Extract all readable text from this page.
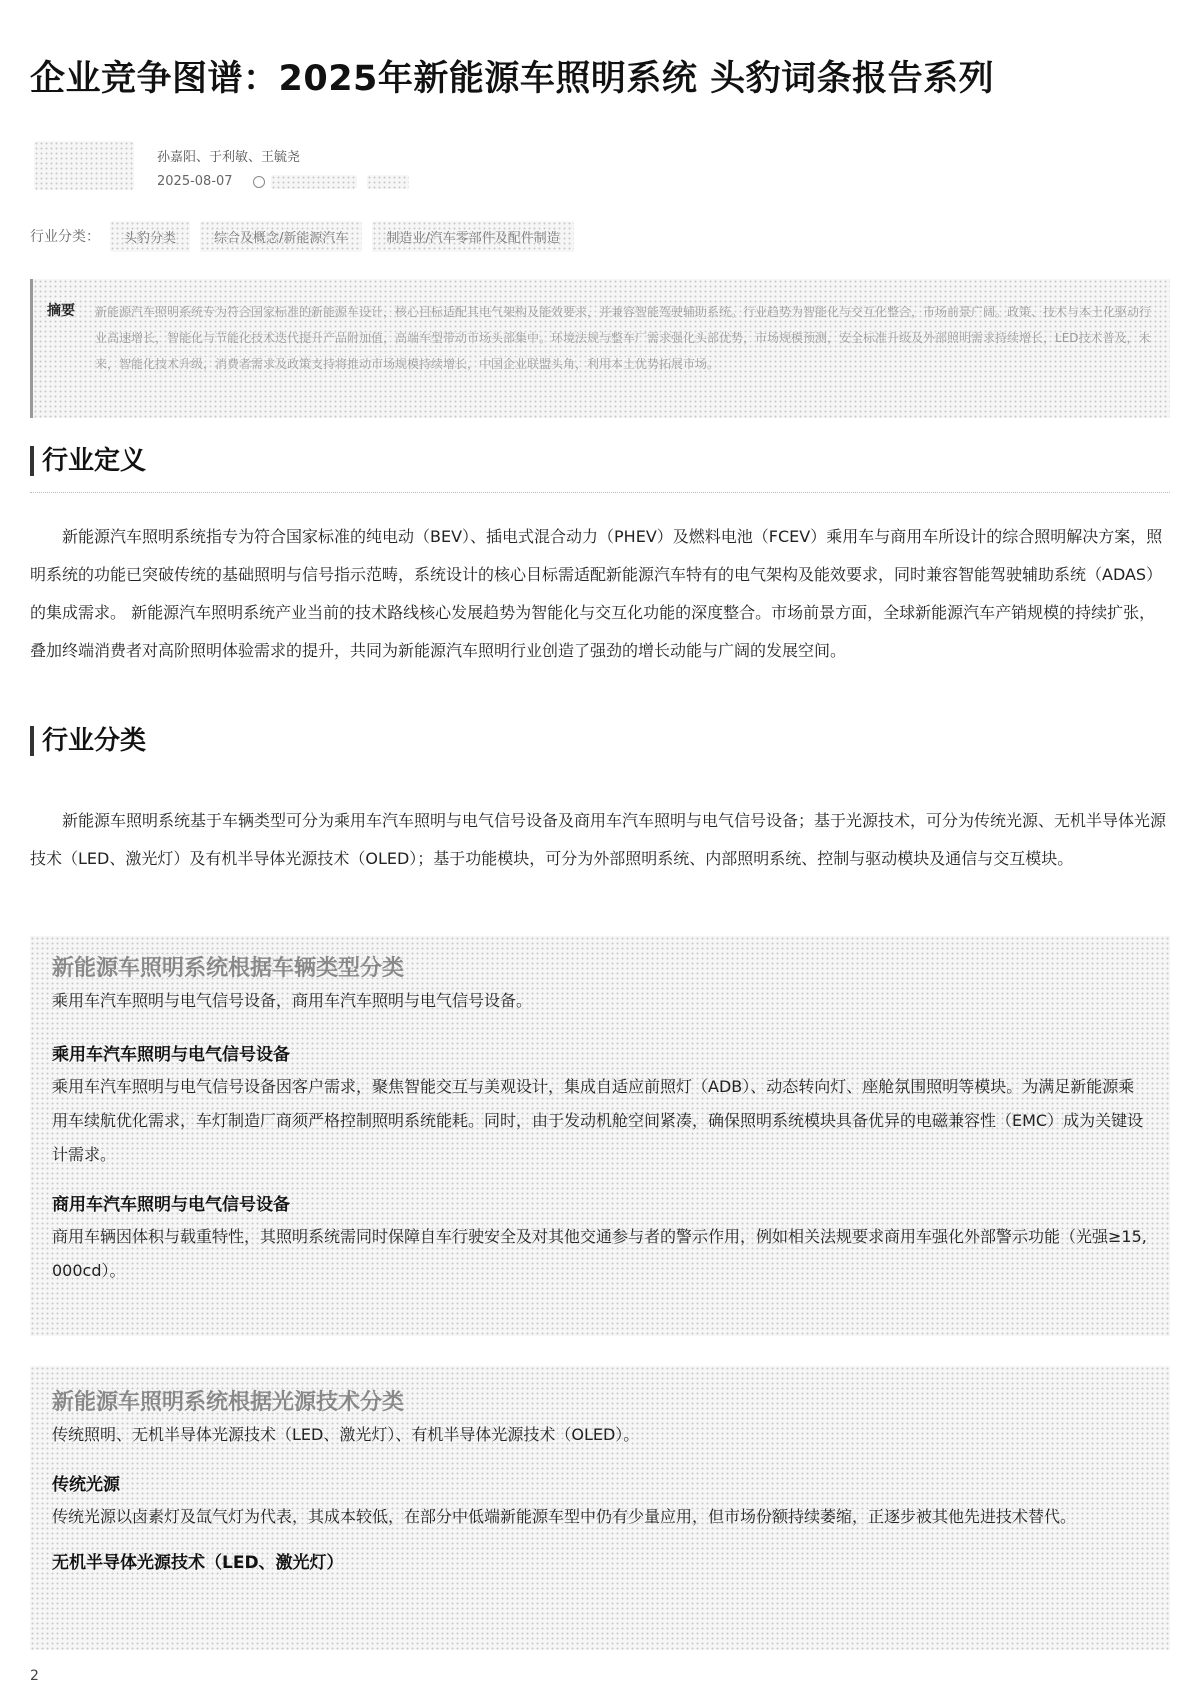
企业竞争图谱：2025年新能源车照明系统 头豹词条报告系列
孙嘉阳、于利敏、王毓尧
2025-08-07
行业分类：	头豹分类	综合及概念/新能源汽车	制造业/汽车零部件及配件制造
摘要 新能源汽车照明系统专为符合国家标准的新能源车设计，核心目标适配其电气架构及能效要求，并兼容智能驾驶辅助系统。行业趋势为智能化与交互化整合，市场前景广阔。政策、技术与本土化驱动行业高速增长，智能化与节能化技术迭代提升产品附加值，高端车型带动市场头部集中。环境法规与整车厂需求强化头部优势，市场规模预测，安全标准升级及外部照明需求持续增长，LED技术普及，未来，智能化技术升级，消费者需求及政策支持将推动市场规模持续增长，中国企业联盟头角，利用本土优势拓展市场。
行业定义
新能源汽车照明系统指专为符合国家标准的纯电动（BEV）、插电式混合动力（PHEV）及燃料电池（FCEV）乘用车与商用车所设计的综合照明解决方案，照明系统的功能已突破传统的基础照明与信号指示范畴，系统设计的核心目标需适配新能源汽车特有的电气架构及能效要求，同时兼容智能驾驶辅助系统（ADAS）的集成需求。 新能源汽车照明系统产业当前的技术路线核心发展趋势为智能化与交互化功能的深度整合。市场前景方面，全球新能源汽车产销规模的持续扩张，叠加终端消费者对高阶照明体验需求的提升，共同为新能源汽车照明行业创造了强劲的增长动能与广阔的发展空间。
行业分类
新能源车照明系统基于车辆类型可分为乘用车汽车照明与电气信号设备及商用车汽车照明与电气信号设备；基于光源技术，可分为传统光源、无机半导体光源技术（LED、激光灯）及有机半导体光源技术（OLED）；基于功能模块，可分为外部照明系统、内部照明系统、控制与驱动模块及通信与交互模块。
新能源车照明系统根据车辆类型分类
乘用车汽车照明与电气信号设备，商用车汽车照明与电气信号设备。
乘用车汽车照明与电气信号设备
乘用车汽车照明与电气信号设备因客户需求，聚焦智能交互与美观设计，集成自适应前照灯（ADB）、动态转向灯、座舱氛围照明等模块。为满足新能源乘用车续航优化需求，车灯制造厂商须严格控制照明系统能耗。同时，由于发动机舱空间紧凑，确保照明系统模块具备优异的电磁兼容性（EMC）成为关键设计需求。
商用车汽车照明与电气信号设备
商用车辆因体积与载重特性，其照明系统需同时保障自车行驶安全及对其他交通参与者的警示作用，例如相关法规要求商用车强化外部警示功能（光强≥15,000cd）。
新能源车照明系统根据光源技术分类
传统照明、无机半导体光源技术（LED、激光灯）、有机半导体光源技术（OLED）。
传统光源
传统光源以卤素灯及氙气灯为代表，其成本较低，在部分中低端新能源车型中仍有少量应用，但市场份额持续萎缩，正逐步被其他先进技术替代。
无机半导体光源技术（LED、激光灯）
2
